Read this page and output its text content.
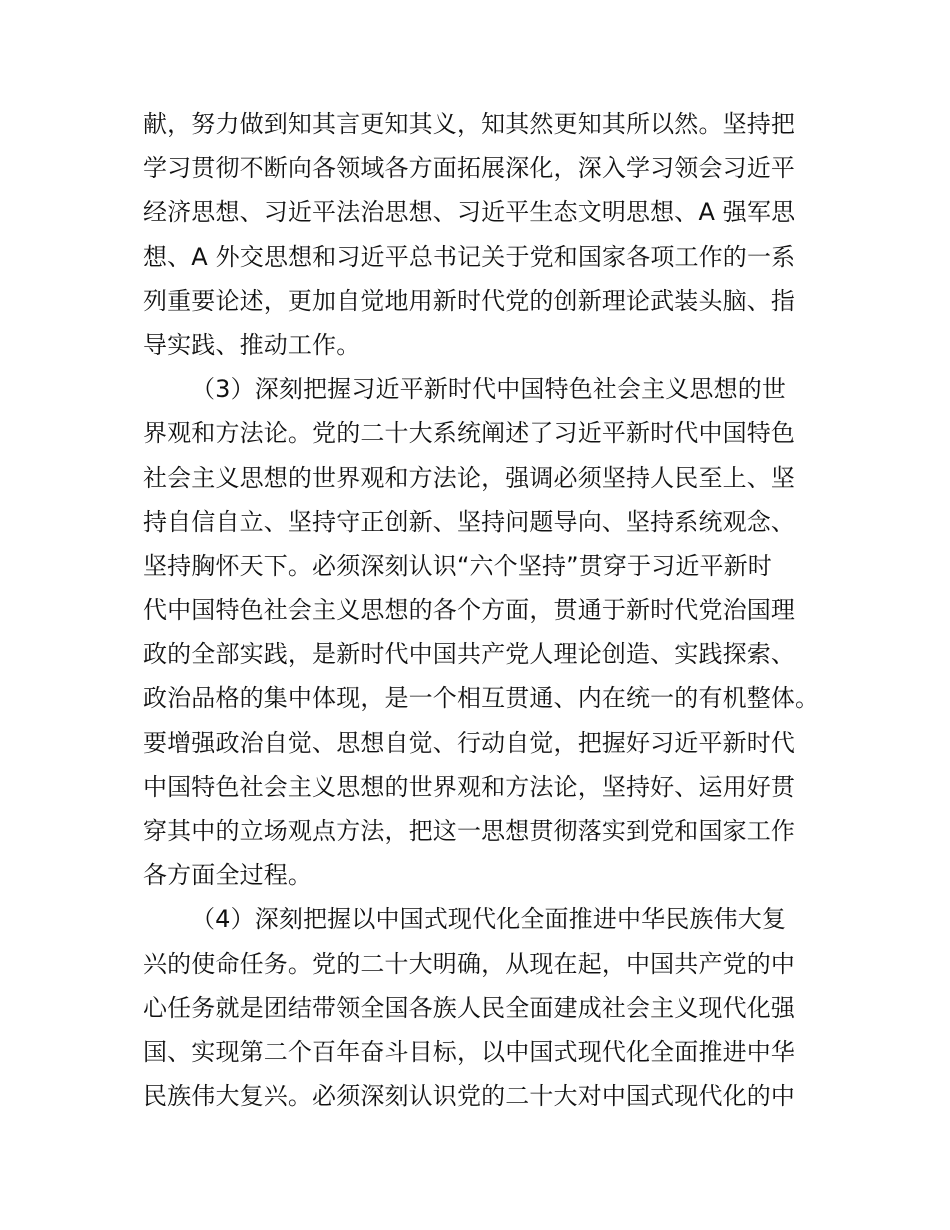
献，努力做到知其言更知其义，知其然更知其所以然。坚持把
学习贯彻不断向各领域各方面拓展深化，深入学习领会习近平
经济思想、习近平法治思想、习近平生态文明思想、A 强军思
想、A 外交思想和习近平总书记关于党和国家各项工作的一系
列重要论述，更加自觉地用新时代党的创新理论武装头脑、指
导实践、推动工作。
（3）深刻把握习近平新时代中国特色社会主义思想的世
界观和方法论。党的二十大系统阐述了习近平新时代中国特色
社会主义思想的世界观和方法论，强调必须坚持人民至上、坚
持自信自立、坚持守正创新、坚持问题导向、坚持系统观念、
坚持胸怀天下。必须深刻认识“六个坚持”贯穿于习近平新时
代中国特色社会主义思想的各个方面，贯通于新时代党治国理
政的全部实践，是新时代中国共产党人理论创造、实践探索、
政治品格的集中体现，是一个相互贯通、内在统一的有机整体。
要增强政治自觉、思想自觉、行动自觉，把握好习近平新时代
中国特色社会主义思想的世界观和方法论，坚持好、运用好贯
穿其中的立场观点方法，把这一思想贯彻落实到党和国家工作
各方面全过程。
（4）深刻把握以中国式现代化全面推进中华民族伟大复
兴的使命任务。党的二十大明确，从现在起，中国共产党的中
心任务就是团结带领全国各族人民全面建成社会主义现代化强
国、实现第二个百年奋斗目标，以中国式现代化全面推进中华
民族伟大复兴。必须深刻认识党的二十大对中国式现代化的中
